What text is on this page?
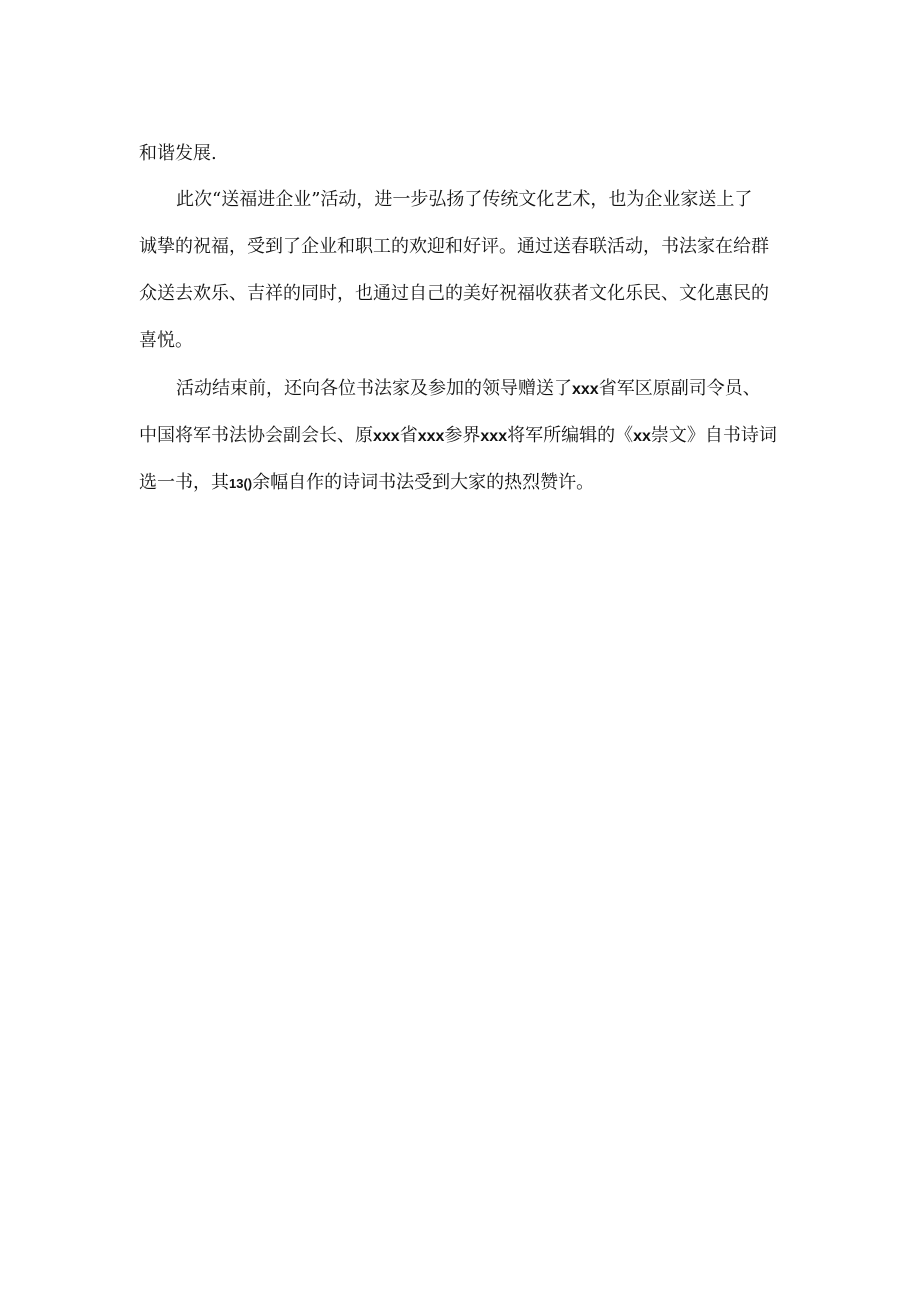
和谐发展.
此次“送福进企业”活动，进一步弘扬了传统文化艺术，也为企业家送上了
诚挚的祝福，受到了企业和职工的欢迎和好评。通过送春联活动，书法家在给群
众送去欢乐、吉祥的同时，也通过自己的美好祝福收获者文化乐民、文化惠民的
喜悦。
活动结束前，还向各位书法家及参加的领导赠送了xxx省军区原副司令员、
中国将军书法协会副会长、原xxx省xxx参界xxx将军所编辑的《xx崇文》自书诗词
选一书，其13()余幅自作的诗词书法受到大家的热烈赞许。
